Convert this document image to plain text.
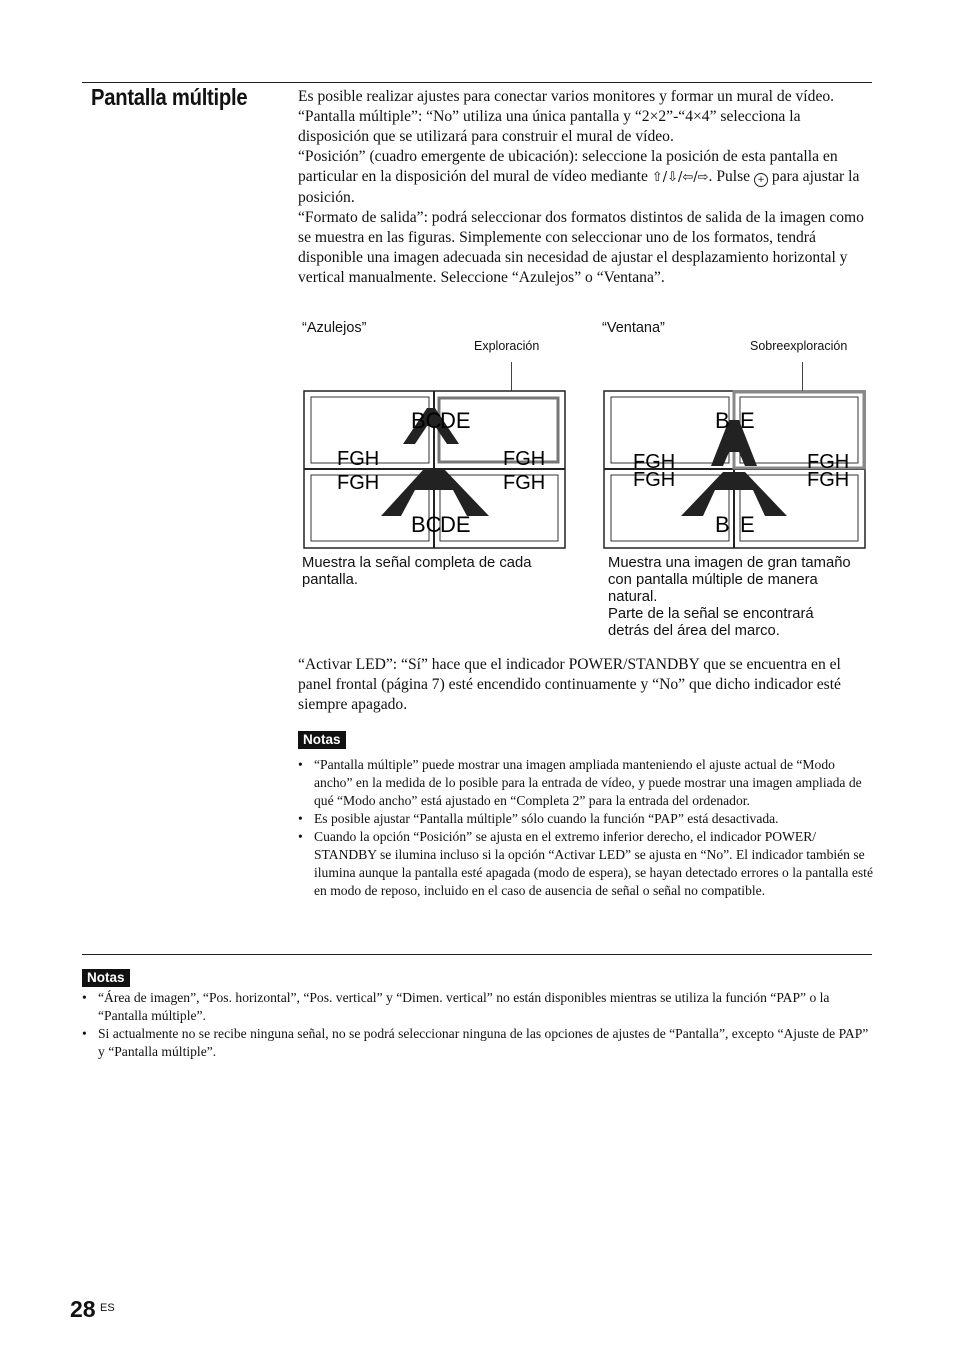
Pantalla múltiple	Es posible realizar ajustes para conectar varios monitores y formar un mural de vídeo.

“Pantalla múltiple”: “No” utiliza una única pantalla y “2×2”-“4×4” selecciona la disposición que se utilizará para construir el mural de vídeo.

“Posición” (cuadro emergente de ubicación): seleccione la posición de esta pantalla en particular en la disposición del mural de vídeo mediante ⇧/⇩/⇦/⇨. Pulse + para ajustar la posición.

“Formato de salida”: podrá seleccionar dos formatos distintos de salida de la imagen como se muestra en las figuras. Simplemente con seleccionar uno de los formatos, tendrá disponible una imagen adecuada sin necesidad de ajustar el desplazamiento horizontal y vertical manualmente. Seleccione “Azulejos” o “Ventana”.

“Azulejos”	“Ventana”
Exploración	Sobreexploración
BC
DE
FGH	FGH
FGH	FGH
BC
DE
B E
FGH	FGH
FGH	FGH
B E
Muestra la señal completa de cada pantalla.
Muestra una imagen de gran tamaño con pantalla múltiple de manera natural.
Parte de la señal se encontrará detrás del área del marco.
“Activar LED”: “Sí” hace que el indicador POWER/STANDBY que se encuentra en el panel frontal (página 7) esté encendido continuamente y “No” que dicho indicador esté siempre apagado.
Notas
• “Pantalla múltiple” puede mostrar una imagen ampliada manteniendo el ajuste actual de “Modo ancho” en la medida de lo posible para la entrada de vídeo, y puede mostrar una imagen ampliada de qué “Modo ancho” está ajustado en “Completa 2” para la entrada del ordenador.
• Es posible ajustar “Pantalla múltiple” sólo cuando la función “PAP” está desactivada.
• Cuando la opción “Posición” se ajusta en el extremo inferior derecho, el indicador POWER/ STANDBY se ilumina incluso si la opción “Activar LED” se ajusta en “No”. El indicador también se ilumina aunque la pantalla esté apagada (modo de espera), se hayan detectado errores o la pantalla esté en modo de reposo, incluido en el caso de ausencia de señal o señal no compatible.
Notas
• “Área de imagen”, “Pos. horizontal”, “Pos. vertical” y “Dimen. vertical” no están disponibles mientras se utiliza la función “PAP” o la “Pantalla múltiple”.
• Si actualmente no se recibe ninguna señal, no se podrá seleccionar ninguna de las opciones de ajustes de “Pantalla”, excepto “Ajuste de PAP” y “Pantalla múltiple”.
28 ES
